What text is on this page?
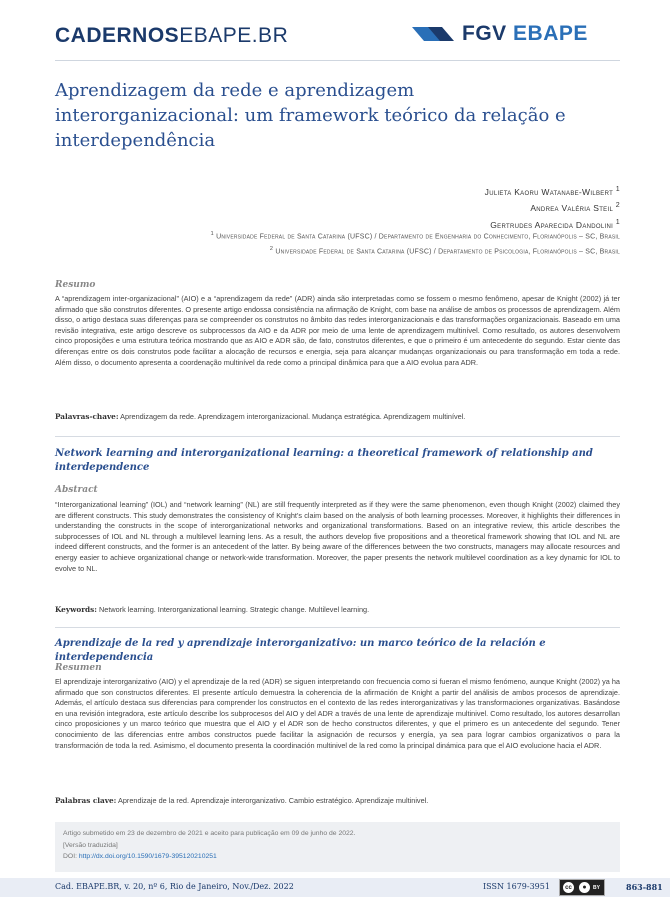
CADERNOSEBAPE.BR	FGV EBAPE
Aprendizagem da rede e aprendizagem interorganizacional: um framework teórico da relação e interdependência
Julieta Kaoru Watanabe-Wilbert $^1$
Andrea Valéria Steil $^2$
Gertrudes Aparecida Dandolini $^1$
$^1$ Universidade Federal de Santa Catarina (UFSC) / Departamento de Engenharia do Conhecimento, Florianópolis – SC, Brasil
$^2$ Universidade Federal de Santa Catarina (UFSC) / Departamento de Psicologia, Florianópolis – SC, Brasil
Resumo

A “aprendizagem inter-organizacional” (AIO) e a “aprendizagem da rede” (ADR) ainda são interpretadas como se fossem o mesmo fenômeno, apesar de Knight (2002) já ter afirmado que são construtos diferentes. O presente artigo endossa consistência na afirmação de Knight, com base na análise de ambos os processos de aprendizagem. Além disso, o artigo destaca suas diferenças para se compreender os construtos no âmbito das redes interorganizacionais e das transformações organizacionais. Baseado em uma revisão integrativa, este artigo descreve os subprocessos da AIO e da ADR por meio de uma lente de aprendizagem multinível. Como resultado, os autores desenvolvem cinco proposições e uma estrutura teórica mostrando que as AIO e ADR são, de fato, construtos diferentes, e que o primeiro é um antecedente do segundo. Estar ciente das diferenças entre os dois construtos pode facilitar a alocação de recursos e energia, seja para alcançar mudanças organizacionais ou para transformação em toda a rede. Além disso, o documento apresenta a coordenação multinível da rede como a principal dinâmica para que a AIO evolua para ADR.

Palavras-chave: Aprendizagem da rede. Aprendizagem interorganizacional. Mudança estratégica. Aprendizagem multinível.
Network learning and interorganizational learning: a theoretical framework of relationship and interdependence
Abstract

“Interorganizational learning” (IOL) and “network learning” (NL) are still frequently interpreted as if they were the same phenomenon, even though Knight (2002) claimed they are different constructs. This study demonstrates the consistency of Knight’s claim based on the analysis of both learning processes. Moreover, it highlights their differences in understanding the constructs in the scope of interorganizational networks and organizational transformations. Based on an integrative review, this article describes the subprocesses of IOL and NL through a multilevel learning lens. As a result, the authors develop five propositions and a theoretical framework showing that IOL and NL are indeed different constructs, and the former is an antecedent of the latter. By being aware of the differences between the two constructs, managers may allocate resources and energy easier to achieve organizational change or network-wide transformation. Moreover, the paper presents the network multilevel coordination as a key dynamic for IOL to evolve to NL.

Keywords: Network learning. Interorganizational learning. Strategic change. Multilevel learning.
Aprendizaje de la red y aprendizaje interorganizativo: un marco teórico de la relación e interdependencia
Resumen

El aprendizaje interorganizativo (AIO) y el aprendizaje de la red (ADR) se siguen interpretando con frecuencia como si fueran el mismo fenómeno, aunque Knight (2002) ya ha afirmado que son constructos diferentes. El presente artículo demuestra la coherencia de la afirmación de Knight a partir del análisis de ambos procesos de aprendizaje. Además, el artículo destaca sus diferencias para comprender los constructos en el contexto de las redes interorganizativas y las transformaciones organizativas. Basándose en una revisión integradora, este artículo describe los subprocesos del AIO y del ADR a través de una lente de aprendizaje multinivel. Como resultado, los autores desarrollan cinco proposiciones y un marco teórico que muestra que el AIO y el ADR son de hecho constructos diferentes, y que el primero es un antecedente del segundo. Tener conocimiento de las diferencias entre ambos constructos puede facilitar la asignación de recursos y energía, ya sea para lograr cambios organizativos o para la transformación de toda la red. Asimismo, el documento presenta la coordinación multinivel de la red como la principal dinámica para que el AIO evolucione hacia el ADR.

Palabras clave: Aprendizaje de la red. Aprendizaje interorganizativo. Cambio estratégico. Aprendizaje multinivel.
Artigo submetido em 23 de dezembro de 2021 e aceito para publicação em 09 de junho de 2022.
[Versão traduzida]
DOI: http://dx.doi.org/10.1590/1679-395120210251
Cad. EBAPE.BR, v. 20, nº 6, Rio de Janeiro, Nov./Dez. 2022	ISSN 1679-3951	cc	●	BY	863-881
